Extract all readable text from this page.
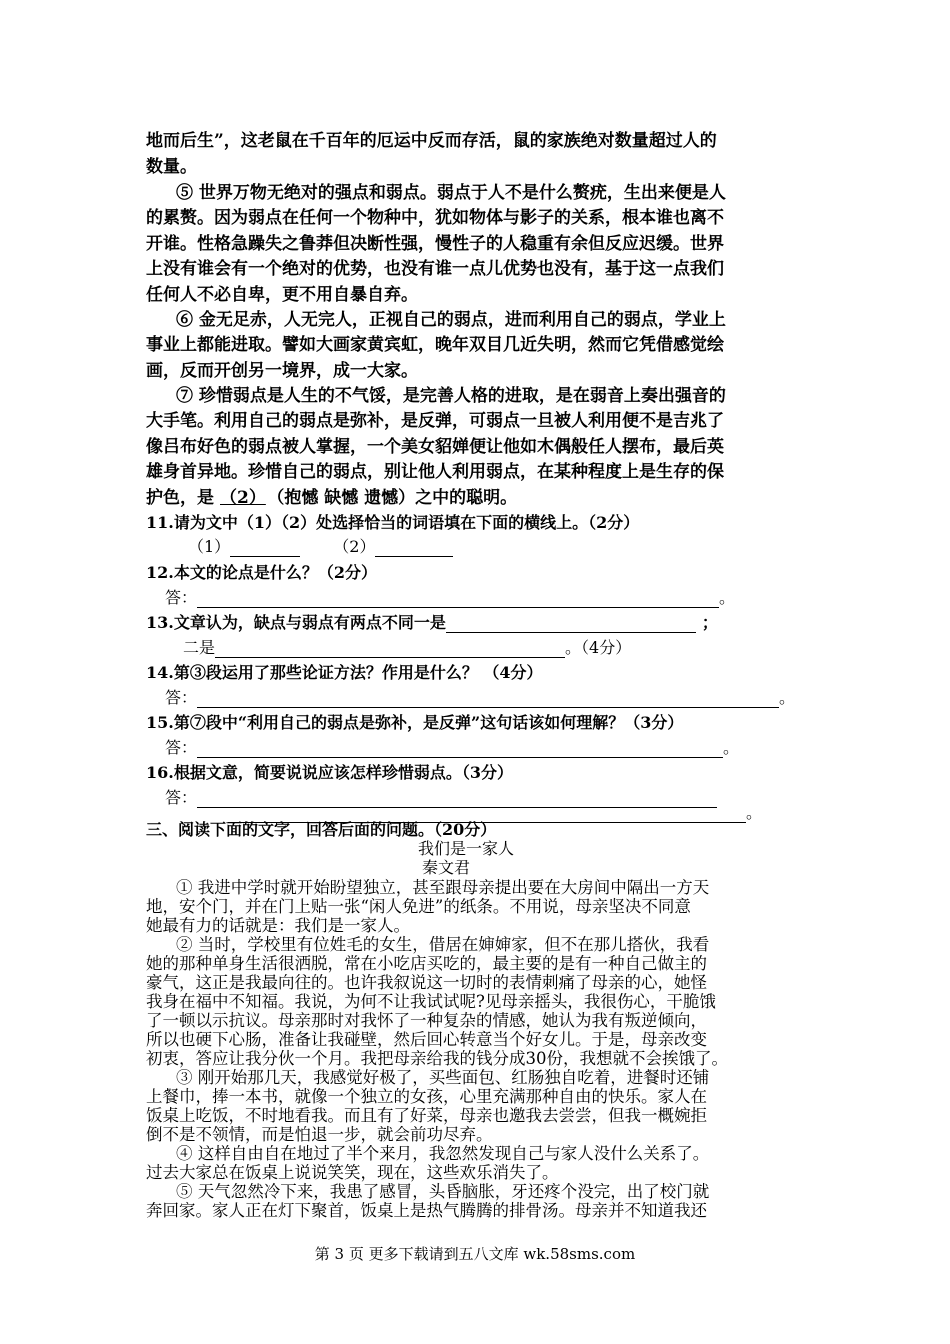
地而后生”，这老鼠在千百年的厄运中反而存活，鼠的家族绝对数量超过人的
数量。
⑤ 世界万物无绝对的强点和弱点。弱点于人不是什么赘疣，生出来便是人
的累赘。因为弱点在任何一个物种中，犹如物体与影子的关系，根本谁也离不
开谁。性格急躁失之鲁莽但决断性强，慢性子的人稳重有余但反应迟缓。世界
上没有谁会有一个绝对的优势，也没有谁一点儿优势也没有，基于这一点我们
任何人不必自卑，更不用自暴自弃。
⑥ 金无足赤，人无完人，正视自己的弱点，进而利用自己的弱点，学业上
事业上都能进取。譬如大画家黄宾虹，晚年双目几近失明，然而它凭借感觉绘
画，反而开创另一境界，成一大家。
⑦ 珍惜弱点是人生的不气馁，是完善人格的进取，是在弱音上奏出强音的
大手笔。利用自己的弱点是弥补，是反弹，可弱点一旦被人利用便不是吉兆了
像吕布好色的弱点被人掌握，一个美女貂婵便让他如木偶般任人摆布，最后英
雄身首异地。珍惜自己的弱点，别让他人利用弱点，在某种程度上是生存的保
护色，是 （2） （抱憾 缺憾 遗憾）之中的聪明。
11.请为文中（1）（2）处选择恰当的词语填在下面的横线上。（2分）
（1）	（2）
12.本文的论点是什么？（2分）
答：	。
13.文章认为，缺点与弱点有两点不同一是	；
二是	。（4分）
14.第③段运用了那些论证方法？作用是什么？ （4分）
答：	。
15.第⑦段中“利用自己的弱点是弥补，是反弹”这句话该如何理解？（3分）
答：	。
16.根据文意，简要说说应该怎样珍惜弱点。（3分）
答：
。
三、阅读下面的文字，回答后面的问题。（20分）
我们是一家人
秦文君
① 我进中学时就开始盼望独立，甚至跟母亲提出要在大房间中隔出一方天
地，安个门，并在门上贴一张“闲人免进”的纸条。不用说，母亲坚决不同意
她最有力的话就是：我们是一家人。
② 当时，学校里有位姓毛的女生，借居在婶婶家，但不在那儿搭伙，我看
她的那种单身生活很洒脱，常在小吃店买吃的，最主要的是有一种自己做主的
豪气，这正是我最向往的。也许我叙说这一切时的表情刺痛了母亲的心，她怪
我身在福中不知福。我说，为何不让我试试呢?见母亲摇头，我很伤心，干脆饿
了一顿以示抗议。母亲那时对我怀了一种复杂的情感，她认为我有叛逆倾向，
所以也硬下心肠，准备让我碰壁，然后回心转意当个好女儿。于是，母亲改变
初衷，答应让我分伙一个月。我把母亲给我的钱分成30份，我想就不会挨饿了。
③ 刚开始那几天，我感觉好极了，买些面包、红肠独自吃着，进餐时还铺
上餐巾，捧一本书，就像一个独立的女孩，心里充满那种自由的快乐。家人在
饭桌上吃饭，不时地看我。而且有了好菜，母亲也邀我去尝尝，但我一概婉拒
倒不是不领情，而是怕退一步，就会前功尽弃。
④ 这样自由自在地过了半个来月，我忽然发现自己与家人没什么关系了。
过去大家总在饭桌上说说笑笑，现在，这些欢乐消失了。
⑤ 天气忽然冷下来，我患了感冒，头昏脑胀，牙还疼个没完，出了校门就
奔回家。家人正在灯下聚首，饭桌上是热气腾腾的排骨汤。母亲并不知道我还
第 3 页 更多下载请到五八文库 wk.58sms.com
